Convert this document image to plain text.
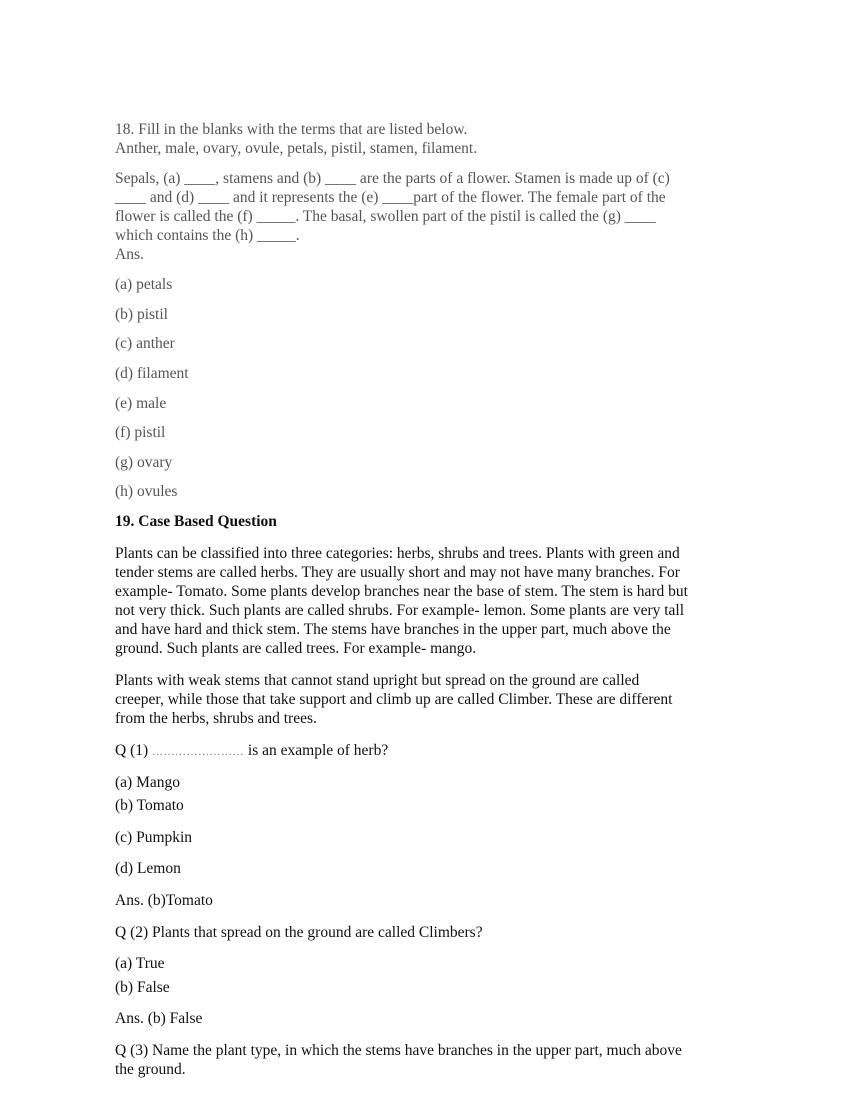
18. Fill in the blanks with the terms that are listed below.
Anther, male, ovary, ovule, petals, pistil, stamen, filament.
Sepals, (a) ____, stamens and (b) ____ are the parts of a flower. Stamen is made up of (c)
____ and (d) ____ and it represents the (e) ____part of the flower. The female part of the
flower is called the (f) _____. The basal, swollen part of the pistil is called the (g) ____
which contains the (h) _____.
Ans.
(a) petals
(b) pistil
(c) anther
(d) filament
(e) male
(f) pistil
(g) ovary
(h) ovules
19. Case Based Question
Plants can be classified into three categories: herbs, shrubs and trees. Plants with green and
tender stems are called herbs. They are usually short and may not have many branches. For
example- Tomato. Some plants develop branches near the base of stem. The stem is hard but
not very thick. Such plants are called shrubs. For example- lemon. Some plants are very tall
and have hard and thick stem. The stems have branches in the upper part, much above the
ground. Such plants are called trees. For example- mango.
Plants with weak stems that cannot stand upright but spread on the ground are called
creeper, while those that take support and climb up are called Climber. These are different
from the herbs, shrubs and trees.
Q (1) …………………… is an example of herb?
(a) Mango
(b) Tomato
(c) Pumpkin
(d) Lemon
Ans. (b)Tomato
Q (2) Plants that spread on the ground are called Climbers?
(a) True
(b) False
Ans. (b) False
Q (3) Name the plant type, in which the stems have branches in the upper part, much above
the ground.
